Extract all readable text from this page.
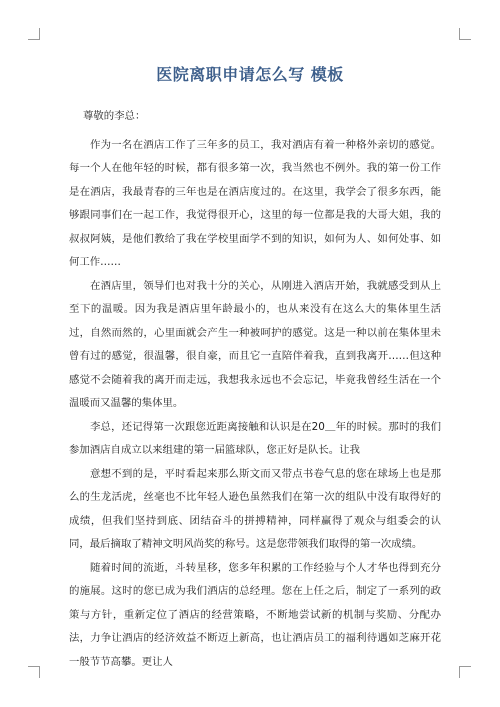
医院离职申请怎么写 模板

尊敬的李总：

作为一名在酒店工作了三年多的员工，我对酒店有着一种格外亲切的感觉。每一个人在他年轻的时候，都有很多第一次，我当然也不例外。我的第一份工作是在酒店，我最青春的三年也是在酒店度过的。在这里，我学会了很多东西，能够跟同事们在一起工作，我觉得很开心，这里的每一位都是我的大哥大姐，我的叔叔阿姨，是他们教给了我在学校里面学不到的知识，如何为人、如何处事、如何工作……

在酒店里，领导们也对我十分的关心，从刚进入酒店开始，我就感受到从上至下的温暖。因为我是酒店里年龄最小的，也从来没有在这么大的集体里生活过，自然而然的，心里面就会产生一种被呵护的感觉。这是一种以前在集体里未曾有过的感觉，很温馨，很自豪，而且它一直陪伴着我，直到我离开……但这种感觉不会随着我的离开而走远，我想我永远也不会忘记，毕竟我曾经生活在一个温暖而又温馨的集体里。

李总，还记得第一次跟您近距离接触和认识是在20＿年的时候。那时的我们参加酒店自成立以来组建的第一届篮球队，您正好是队长。让我

意想不到的是，平时看起来那么斯文而又带点书卷气息的您在球场上也是那么的生龙活虎，丝毫也不比年轻人逊色虽然我们在第一次的组队中没有取得好的成绩，但我们坚持到底、团结奋斗的拼搏精神，同样赢得了观众与组委会的认同，最后摘取了精神文明风尚奖的称号。这是您带领我们取得的第一次成绩。

随着时间的流逝，斗转星移，您多年积累的工作经验与个人才华也得到充分的施展。这时的您已成为我们酒店的总经理。您在上任之后，制定了一系列的政策与方针，重新定位了酒店的经营策略，不断地尝试新的机制与奖励、分配办法，力争让酒店的经济效益不断迈上新高，也让酒店员工的福利待遇如芝麻开花一般节节高攀。更让人
